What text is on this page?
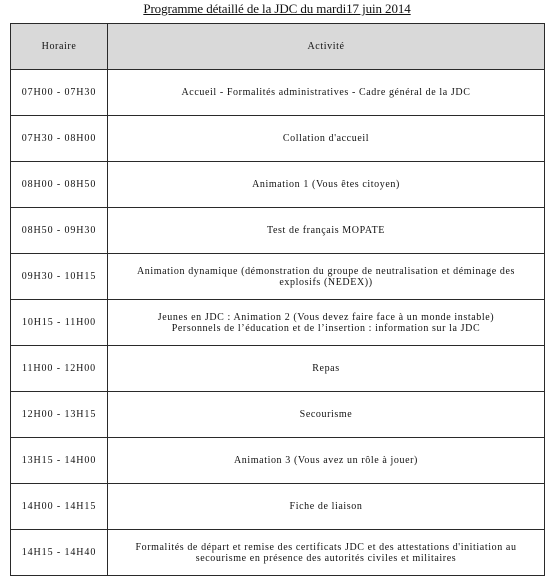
Programme détaillé de la JDC du mardi17 juin 2014
Horaire	Activité
07H00 - 07H30	Accueil - Formalités administratives - Cadre général de la JDC

07H30 - 08H00	Collation d'accueil

08H00 - 08H50	Animation 1 (Vous êtes citoyen)

08H50 - 09H30	Test de français MOPATE

09H30 - 10H15	Animation dynamique (démonstration du groupe de neutralisation et déminage des
explosifs (NEDEX))

10H15 - 11H00	Jeunes en JDC : Animation 2 (Vous devez faire face à un monde instable)
Personnels de l’éducation et de l’insertion : information sur la JDC

11H00 - 12H00	Repas

12H00 - 13H15	Secourisme

13H15 - 14H00	Animation 3 (Vous avez un rôle à jouer)

14H00 - 14H15	Fiche de liaison

14H15 - 14H40	Formalités de départ et remise des certificats JDC et des attestations d'initiation au
secourisme en présence des autorités civiles et militaires
